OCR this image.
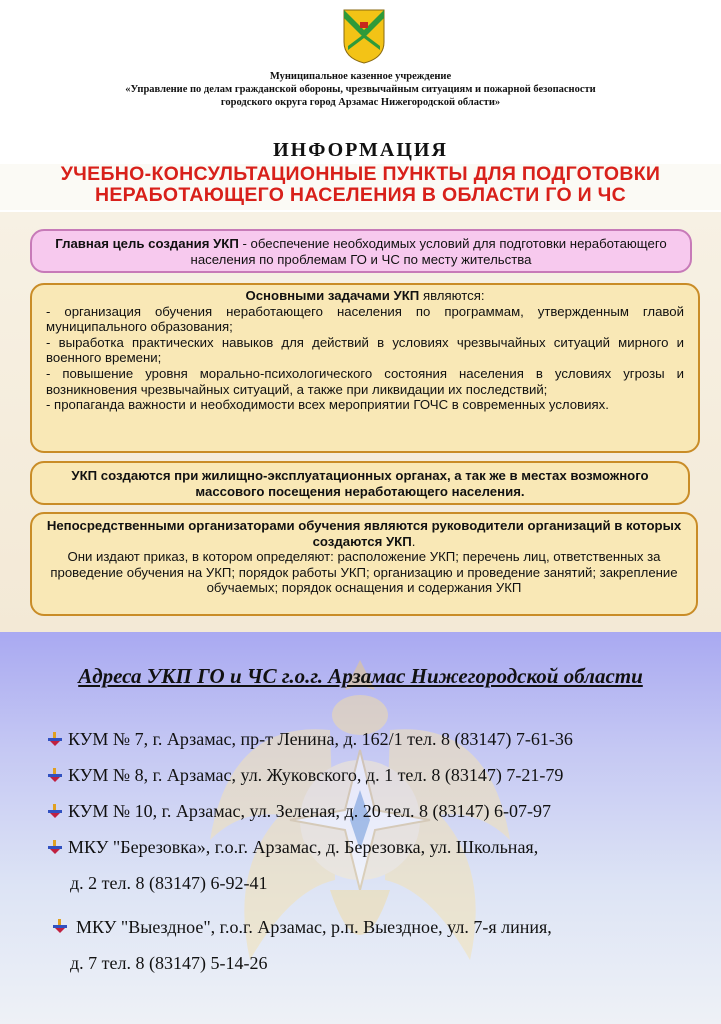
Муниципальное казенное учреждение
«Управление по делам гражданской обороны, чрезвычайным ситуациям и пожарной безопасности
городского округа город Арзамас Нижегородской области»
ИНФОРМАЦИЯ
УЧЕБНО-КОНСУЛЬТАЦИОННЫЕ ПУНКТЫ ДЛЯ ПОДГОТОВКИ
НЕРАБОТАЮЩЕГО НАСЕЛЕНИЯ В ОБЛАСТИ ГО И ЧС
Главная цель создания УКП - обеспечение необходимых условий для подготовки неработающего населения по проблемам ГО и ЧС по месту жительства
Основными задачами УКП являются:
- организация обучения неработающего населения по программам, утвержденным главой муниципального образования;
- выработка практических навыков для действий в условиях чрезвычайных ситуаций мирного и военного времени;
- повышение уровня морально-психологического состояния населения в условиях угрозы и возникновения чрезвычайных ситуаций, а также при ликвидации их последствий;
- пропаганда важности и необходимости всех мероприятии ГОЧС в современных условиях.
УКП создаются при жилищно-эксплуатационных органах, а так же в местах возможного массового посещения неработающего населения.
Непосредственными организаторами обучения являются руководители организаций в которых создаются УКП.
Они издают приказ, в котором определяют: расположение УКП; перечень лиц, ответственных за проведение обучения на УКП; порядок работы УКП; организацию и проведение занятий; закрепление обучаемых; порядок оснащения и содержания УКП
Адреса УКП ГО и ЧС г.о.г. Арзамас Нижегородской области
КУМ № 7, г. Арзамас, пр-т Ленина, д. 162/1 тел. 8 (83147) 7-61-36
КУМ № 8, г. Арзамас, ул. Жуковского, д. 1 тел. 8 (83147) 7-21-79
КУМ № 10, г. Арзамас, ул. Зеленая, д. 20 тел. 8 (83147) 6-07-97
МКУ "Березовка», г.о.г. Арзамас, д. Березовка, ул. Школьная,
д. 2 тел. 8 (83147) 6-92-41
МКУ "Выездное", г.о.г. Арзамас, р.п. Выездное, ул. 7-я линия,
д. 7 тел. 8 (83147) 5-14-26
